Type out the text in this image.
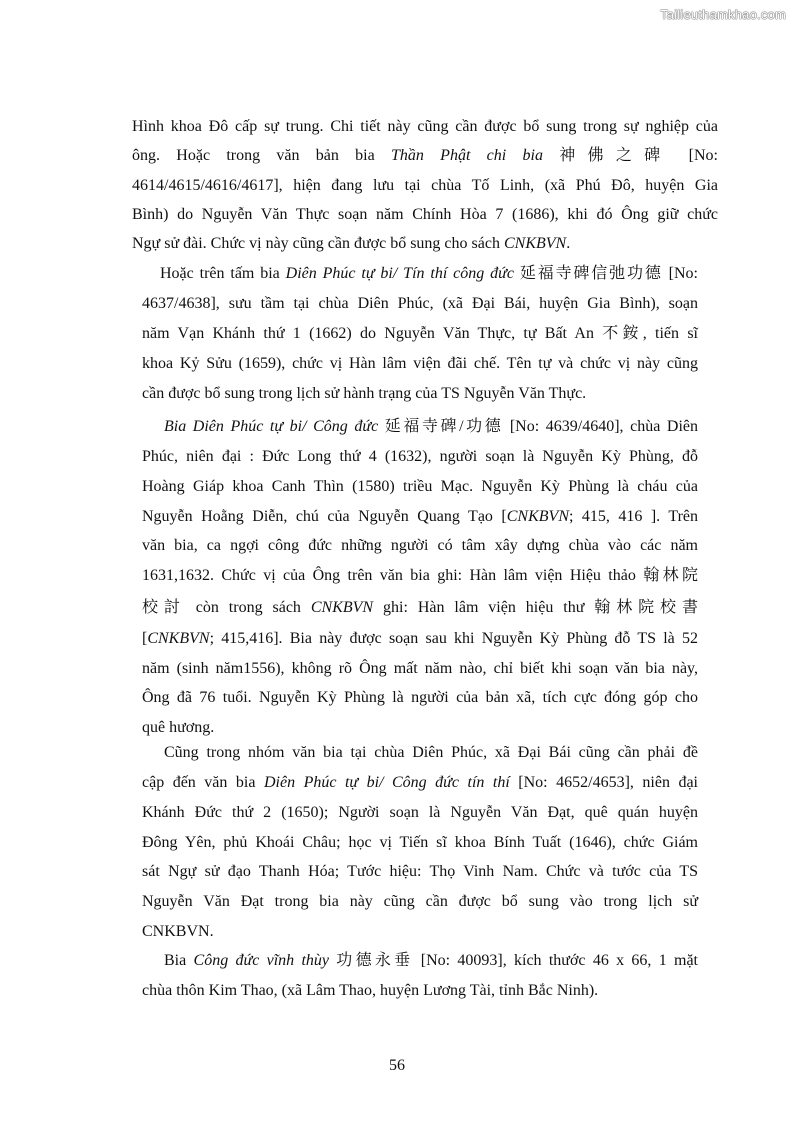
Tailieuthamkhao.com
Hình khoa Đô cấp sự trung. Chi tiết này cũng cần được bổ sung trong sự nghiệp của
ông. Hoặc trong văn bản bia Thần Phật chi bia 神佛之碑 [No:
4614/4615/4616/4617], hiện đang lưu tại chùa Tố Linh, (xã Phú Đô, huyện Gia
Bình) do Nguyễn Văn Thực soạn năm Chính Hòa 7 (1686), khi đó Ông giữ chức
Ngự sử đài. Chức vị này cũng cần được bổ sung cho sách CNKBVN.
Hoặc trên tấm bia Diên Phúc tự bi/ Tín thí công đức 延福寺碑信弛功德 [No:
4637/4638], sưu tầm tại chùa Diên Phúc, (xã Đại Bái, huyện Gia Bình), soạn
năm Vạn Khánh thứ 1 (1662) do Nguyễn Văn Thực, tự Bất An 不銨, tiến sĩ
khoa Kỷ Sửu (1659), chức vị Hàn lâm viện đãi chế. Tên tự và chức vị này cũng
cần được bổ sung trong lịch sử hành trạng của TS Nguyễn Văn Thực.
Bia Diên Phúc tự bi/ Công đức 延福寺碑/功德 [No: 4639/4640], chùa Diên
Phúc, niên đại : Đức Long thứ 4 (1632), người soạn là Nguyễn Kỳ Phùng, đỗ
Hoàng Giáp khoa Canh Thìn (1580) triều Mạc. Nguyễn Kỳ Phùng là cháu của
Nguyễn Hoằng Diễn, chú của Nguyễn Quang Tạo [CNKBVN; 415, 416 ]. Trên
văn bia, ca ngợi công đức những người có tâm xây dựng chùa vào các năm
1631,1632. Chức vị của Ông trên văn bia ghi: Hàn lâm viện Hiệu thảo 翰林院
校討 còn trong sách CNKBVN ghi: Hàn lâm viện hiệu thư 翰林院校書
[CNKBVN; 415,416]. Bia này được soạn sau khi Nguyễn Kỳ Phùng đỗ TS là 52
năm (sinh năm1556), không rõ Ông mất năm nào, chỉ biết khi soạn văn bia này,
Ông đã 76 tuổi. Nguyễn Kỳ Phùng là người của bản xã, tích cực đóng góp cho
quê hương.
Cũng trong nhóm văn bia tại chùa Diên Phúc, xã Đại Bái cũng cần phải đề
cập đến văn bia Diên Phúc tự bi/ Công đức tín thí [No: 4652/4653], niên đại
Khánh Đức thứ 2 (1650); Người soạn là Nguyễn Văn Đạt, quê quán huyện
Đông Yên, phủ Khoái Châu; học vị Tiến sĩ khoa Bính Tuất (1646), chức Giám
sát Ngự sử đạo Thanh Hóa; Tước hiệu: Thọ Vinh Nam. Chức và tước của TS
Nguyễn Văn Đạt trong bia này cũng cần được bổ sung vào trong lịch sử
CNKBVN.
Bia Công đức vĩnh thùy 功德永垂 [No: 40093], kích thước 46 x 66, 1 mặt
chùa thôn Kim Thao, (xã Lâm Thao, huyện Lương Tài, tỉnh Bắc Ninh).
56
